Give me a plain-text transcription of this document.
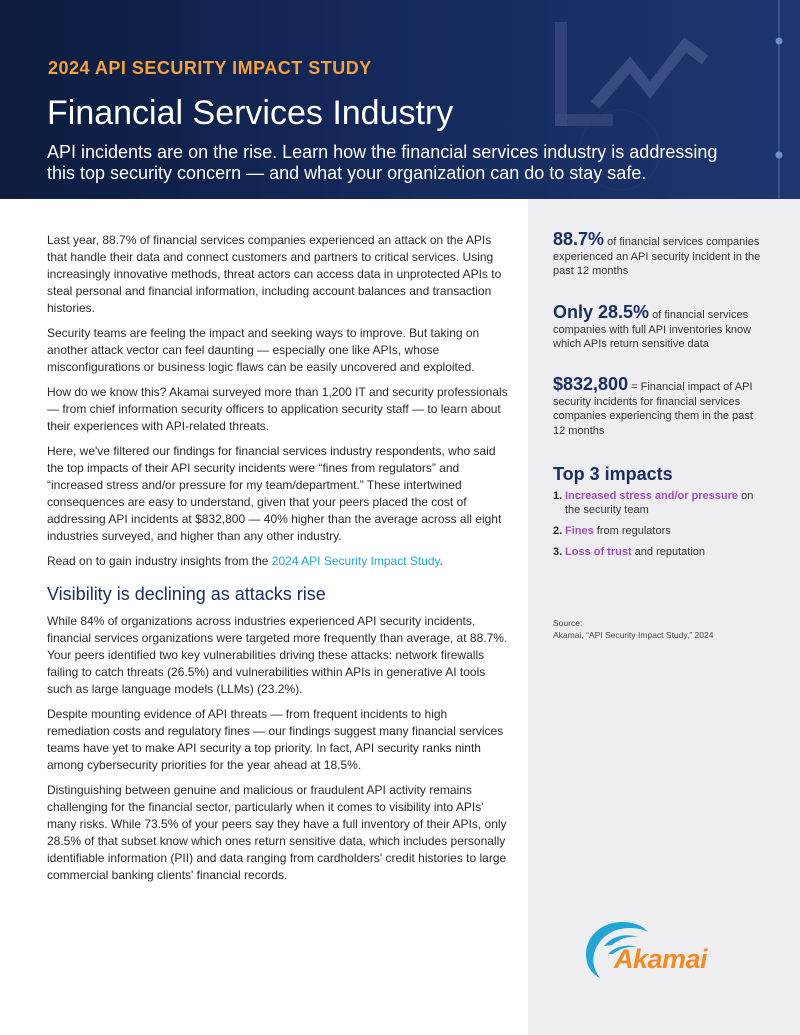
2024 API SECURITY IMPACT STUDY
Financial Services Industry
API incidents are on the rise. Learn how the financial services industry is addressing this top security concern — and what your organization can do to stay safe.

Last year, 88.7% of financial services companies experienced an attack on the APIs that handle their data and connect customers and partners to critical services. Using increasingly innovative methods, threat actors can access data in unprotected APIs to steal personal and financial information, including account balances and transaction histories.

Security teams are feeling the impact and seeking ways to improve. But taking on another attack vector can feel daunting — especially one like APIs, whose misconfigurations or business logic flaws can be easily uncovered and exploited.

How do we know this? Akamai surveyed more than 1,200 IT and security professionals — from chief information security officers to application security staff — to learn about their experiences with API-related threats.

Here, we've filtered our findings for financial services industry respondents, who said the top impacts of their API security incidents were “fines from regulators” and “increased stress and/or pressure for my team/department.” These intertwined consequences are easy to understand, given that your peers placed the cost of addressing API incidents at $832,800 — 40% higher than the average across all eight industries surveyed, and higher than any other industry.

Read on to gain industry insights from the 2024 API Security Impact Study.

Visibility is declining as attacks rise

While 84% of organizations across industries experienced API security incidents, financial services organizations were targeted more frequently than average, at 88.7%. Your peers identified two key vulnerabilities driving these attacks: network firewalls failing to catch threats (26.5%) and vulnerabilities within APIs in generative AI tools such as large language models (LLMs) (23.2%).

Despite mounting evidence of API threats — from frequent incidents to high remediation costs and regulatory fines — our findings suggest many financial services teams have yet to make API security a top priority. In fact, API security ranks ninth among cybersecurity priorities for the year ahead at 18.5%.

Distinguishing between genuine and malicious or fraudulent API activity remains challenging for the financial sector, particularly when it comes to visibility into APIs' many risks. While 73.5% of your peers say they have a full inventory of their APIs, only 28.5% of that subset know which ones return sensitive data, which includes personally identifiable information (PII) and data ranging from cardholders' credit histories to large commercial banking clients' financial records.

88.7% of financial services companies experienced an API security incident in the past 12 months
Only 28.5% of financial services companies with full API inventories know which APIs return sensitive data
$832,800 = Financial impact of API security incidents for financial services companies experiencing them in the past 12 months
Top 3 impacts
1. Increased stress and/or pressure on the security team
2. Fines from regulators
3. Loss of trust and reputation
Source:
Akamai, “API Security Impact Study,” 2024
Akamai
